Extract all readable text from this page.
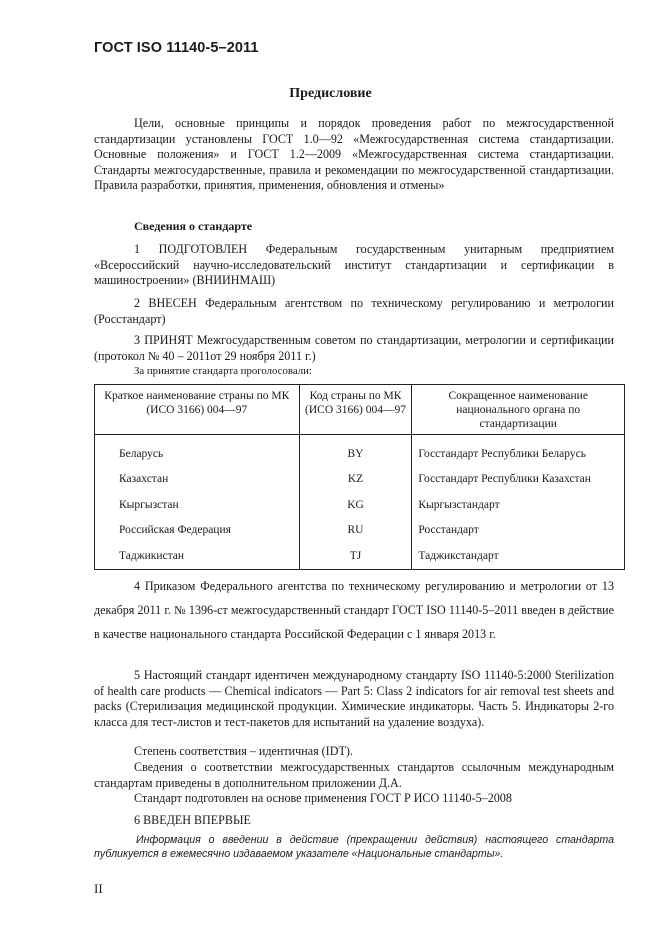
ГОСТ ISO 11140-5–2011
Предисловие
Цели, основные принципы и порядок проведения работ по межгосударственной стандартизации установлены ГОСТ 1.0—92 «Межгосударственная система стандартизации. Основные положения» и ГОСТ 1.2—2009 «Межгосударственная система стандартизации. Стандарты межгосударственные, правила и рекомендации по межгосударственной стандартизации. Правила разработки, принятия, применения, обновления и отмены»
Сведения о стандарте
1 ПОДГОТОВЛЕН Федеральным государственным унитарным предприятием «Всероссийский научно-исследовательский институт стандартизации и сертификации в машиностроении» (ВНИИНМАШ)
2 ВНЕСЕН Федеральным агентством по техническому регулированию и метрологии (Росстандарт)
3 ПРИНЯТ Межгосударственным советом по стандартизации, метрологии и сертификации (протокол № 40 – 2011от 29 ноября 2011 г.)
За принятие стандарта проголосовали:
Краткое наименование страны по МК (ИСО 3166) 004—97	Код страны по МК (ИСО 3166) 004—97	Сокращенное наименование национального органа по стандартизации
Беларусь	BY	Госстандарт Республики Беларусь
Казахстан	KZ	Госстандарт Республики Казахстан
Кыргызстан	KG	Кыргызстандарт
Российская Федерация	RU	Росстандарт
Таджикистан	TJ	Таджикстандарт
4 Приказом Федерального агентства по техническому регулированию и метрологии от 13 декабря 2011 г. № 1396-ст межгосударственный стандарт ГОСТ ISO 11140-5–2011 введен в действие в качестве национального стандарта Российской Федерации с 1 января 2013 г.
5 Настоящий стандарт идентичен международному стандарту ISO 11140-5:2000 Sterilization of health care products — Chemical indicators — Part 5: Class 2 indicators for air removal test sheets and packs (Стерилизация медицинской продукции. Химические индикаторы. Часть 5. Индикаторы 2-го класса для тест-листов и тест-пакетов для испытаний на удаление воздуха).
Степень соответствия – идентичная (IDT).
Сведения о соответствии межгосударственных стандартов ссылочным международным стандартам приведены в дополнительном приложении Д.А.
Стандарт подготовлен на основе применения ГОСТ Р ИСО 11140-5–2008
6 ВВЕДЕН ВПЕРВЫЕ
Информация о введении в действие (прекращении действия) настоящего стандарта публикуется в ежемесячно издаваемом указателе «Национальные стандарты».
II
